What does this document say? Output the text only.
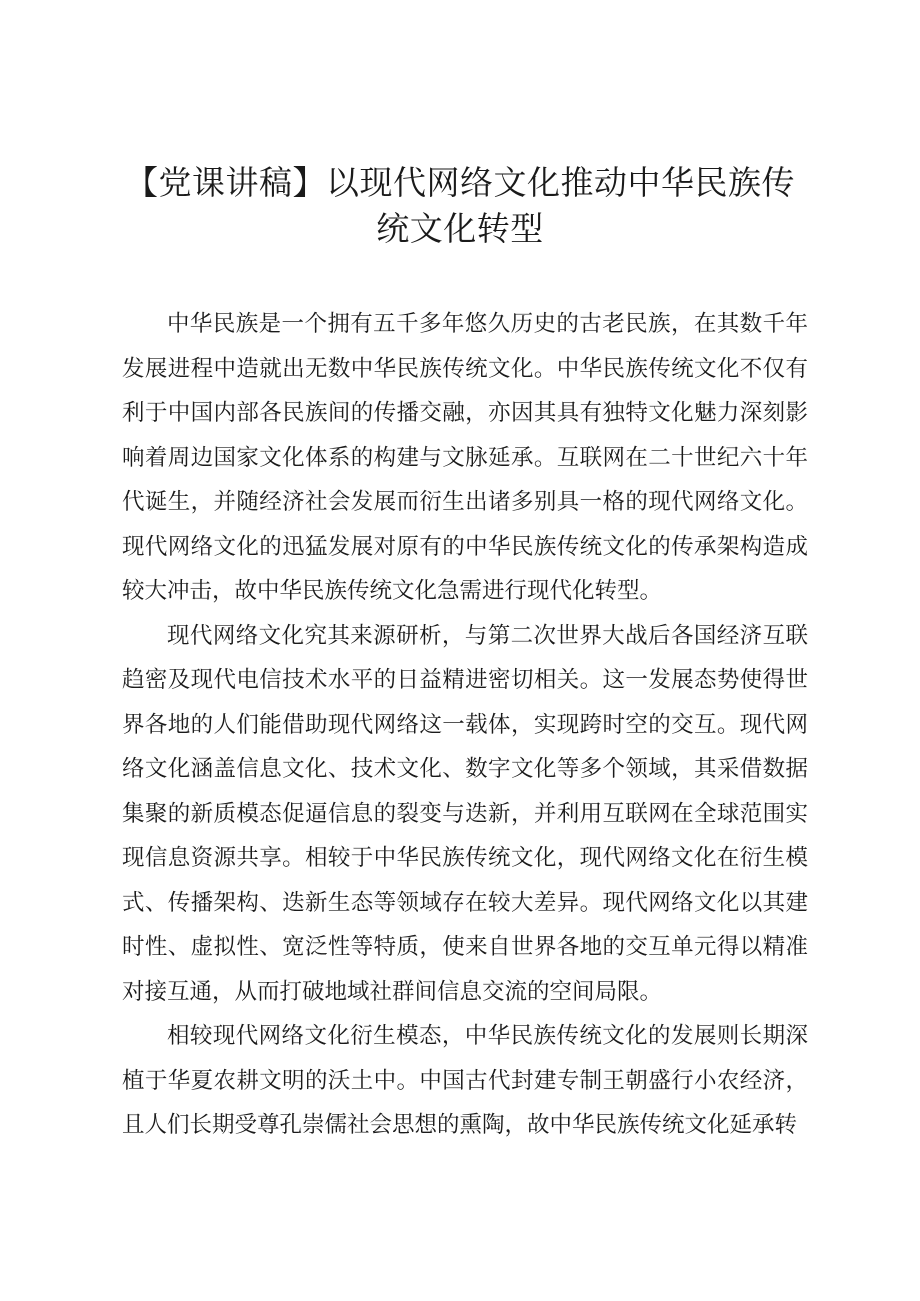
【党课讲稿】以现代网络文化推动中华民族传
统文化转型

中华民族是一个拥有五千多年悠久历史的古老民族，在其数千年发展进程中造就出无数中华民族传统文化。中华民族传统文化不仅有利于中国内部各民族间的传播交融，亦因其具有独特文化魅力深刻影响着周边国家文化体系的构建与文脉延承。互联网在二十世纪六十年代诞生，并随经济社会发展而衍生出诸多别具一格的现代网络文化。现代网络文化的迅猛发展对原有的中华民族传统文化的传承架构造成较大冲击，故中华民族传统文化急需进行现代化转型。

现代网络文化究其来源研析，与第二次世界大战后各国经济互联趋密及现代电信技术水平的日益精进密切相关。这一发展态势使得世界各地的人们能借助现代网络这一载体，实现跨时空的交互。现代网络文化涵盖信息文化、技术文化、数字文化等多个领域，其采借数据集聚的新质模态促逼信息的裂变与迭新，并利用互联网在全球范围实现信息资源共享。相较于中华民族传统文化，现代网络文化在衍生模式、传播架构、迭新生态等领域存在较大差异。现代网络文化以其建时性、虚拟性、宽泛性等特质，使来自世界各地的交互单元得以精准对接互通，从而打破地域社群间信息交流的空间局限。

相较现代网络文化衍生模态，中华民族传统文化的发展则长期深植于华夏农耕文明的沃土中。中国古代封建专制王朝盛行小农经济，且人们长期受尊孔崇儒社会思想的熏陶，故中华民族传统文化延承转
